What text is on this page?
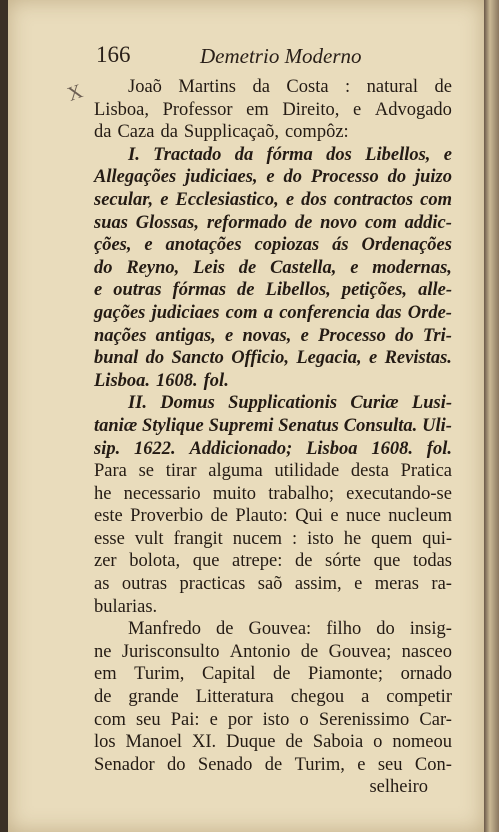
166	Demetrio Moderno
X Joaõ Martins da Costa : natural de
Lisboa, Professor em Direito, e Advogado
da Caza da Supplicaçaõ, compôz:
I. Tractado da fórma dos Libellos, e
Allegações judiciaes, e do Processo do juizo
secular, e Ecclesiastico, e dos contractos com
suas Glossas, reformado de novo com addic-
ções, e anotações copiozas ás Ordenações
do Reyno, Leis de Castella, e modernas,
e outras fórmas de Libellos, petições, alle-
gações judiciaes com a conferencia das Orde-
nações antigas, e novas, e Processo do Tri-
bunal do Sancto Officio, Legacia, e Revistas.
Lisboa. 1608. fol.
II. Domus Supplicationis Curiæ Lusi-
taniæ Stylique Supremi Senatus Consulta. Uli-
sip. 1622. Addicionado; Lisboa 1608. fol.
Para se tirar alguma utilidade desta Pratica
he necessario muito trabalho; executando-se
este Proverbio de Plauto: Qui e nuce nucleum
esse vult frangit nucem : isto he quem qui-
zer bolota, que atrepe: de sórte que todas
as outras practicas saõ assim, e meras ra-
bularias.
Manfredo de Gouvea: filho do insig-
ne Jurisconsulto Antonio de Gouvea; nasceo
em Turim, Capital de Piamonte; ornado
de grande Litteratura chegou a competir
com seu Pai: e por isto o Serenissimo Car-
los Manoel XI. Duque de Saboia o nomeou
Senador do Senado de Turim, e seu Con-
selheiro
